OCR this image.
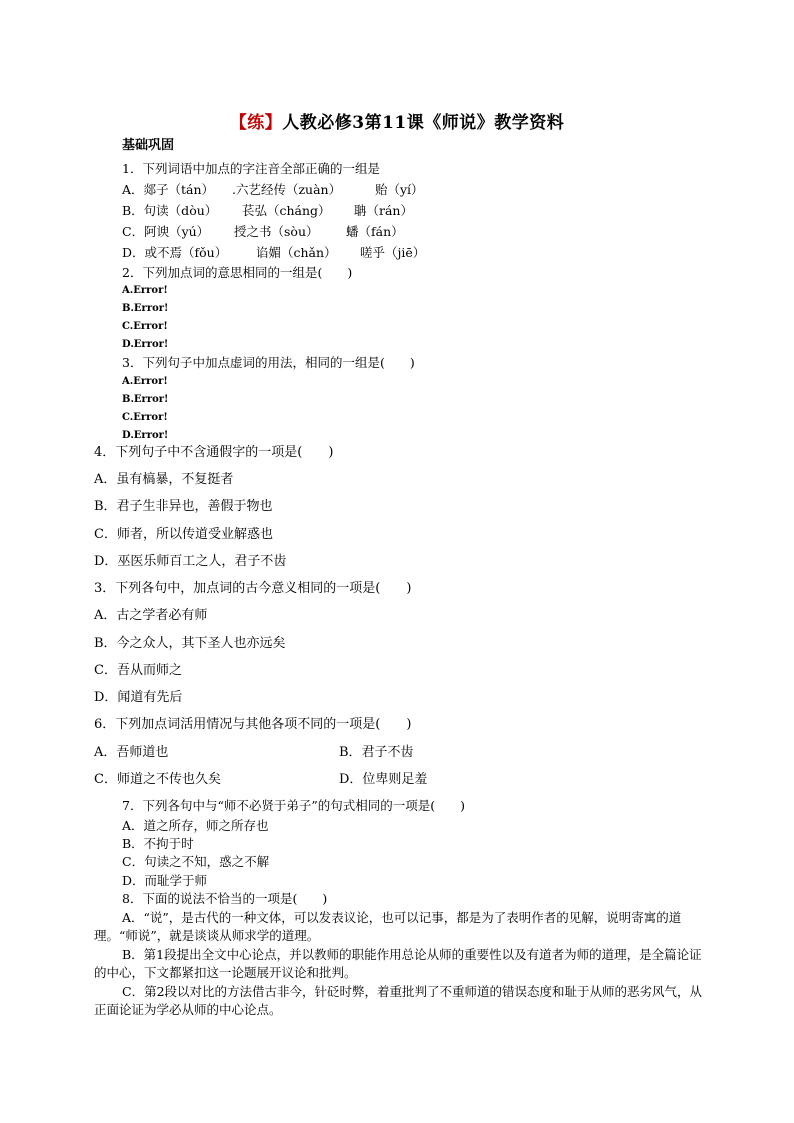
【练】人教必修3第11课《师说》教学资料
基础巩固
1．下列词语中加点的字注音全部正确的一组是
A．郯子（tán） .六艺经传（zuàn）	贻（yí）
B．句读（dòu） 苌弘（cháng） 聃（rán）
C．阿谀（yú） 授之书（sòu） 蟠（fán）
D．或不焉（fǒu） 谄媚（chǎn） 嗟乎（jiē）
2．下列加点词的意思相同的一组是(　　)
A.Error!
B.Error!
C.Error!
D.Error!
3．下列句子中加点虚词的用法，相同的一组是(　　)
A.Error!
B.Error!
C.Error!
D.Error!
4．下列句子中不含通假字的一项是(　　)
A．虽有槁暴，不复挺者
B．君子生非异也，善假于物也
C．师者，所以传道受业解惑也
D．巫医乐师百工之人，君子不齿
3．下列各句中，加点词的古今意义相同的一项是(　　)
A．古之学者必有师
B．今之众人，其下圣人也亦远矣
C．吾从而师之
D．闻道有先后
6．下列加点词活用情况与其他各项不同的一项是(　　)
A．吾师道也	B．君子不齿
C．师道之不传也久矣	D．位卑则足羞
7．下列各句中与“师不必贤于弟子”的句式相同的一项是(　　)
A．道之所存，师之所存也
B．不拘于时
C．句读之不知，惑之不解
D．而耻学于师
8．下面的说法不恰当的一项是(　　)
A．“说”，是古代的一种文体，可以发表议论，也可以记事，都是为了表明作者的见解，说明寄寓的道理。“师说”，就是谈谈从师求学的道理。
B．第1段提出全文中心论点，并以教师的职能作用总论从师的重要性以及有道者为师的道理，是全篇论证的中心，下文都紧扣这一论题展开议论和批判。
C．第2段以对比的方法借古非今，针砭时弊，着重批判了不重师道的错误态度和耻于从师的恶劣风气，从正面论证为学必从师的中心论点。
